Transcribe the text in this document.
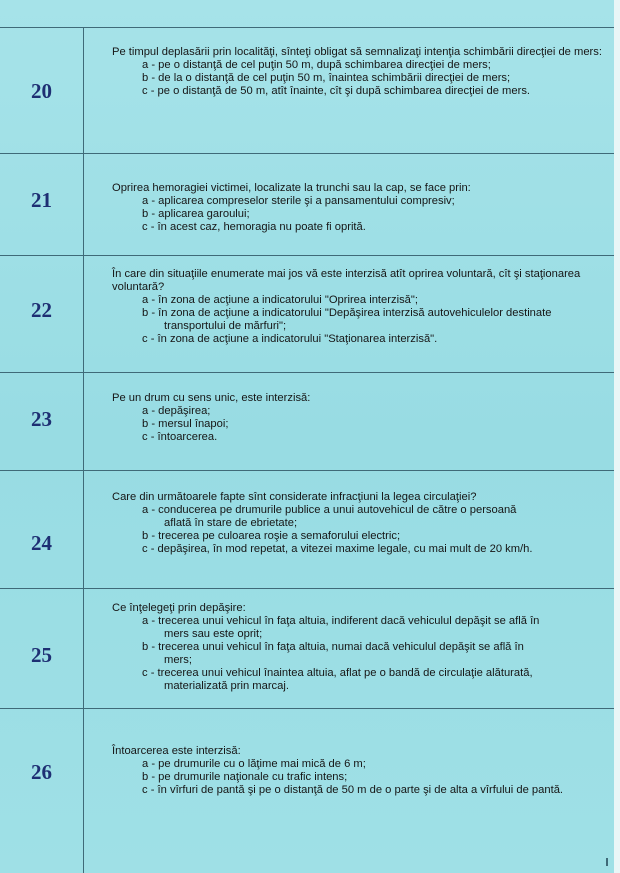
20
Pe timpul deplasării prin localităţi, sînteţi obligat să semnalizaţi intenţia schimbării direcţiei de mers:
a - pe o distanţă de cel puţin 50 m, după schimbarea direcţiei de mers;
b - de la o distanţă de cel puţin 50 m, înaintea schimbării direcţiei de mers;
c - pe o distanţă de 50 m, atît înainte, cît şi după schimbarea direcţiei de mers.
21	Oprirea hemoragiei victimei, localizate la trunchi sau la cap, se face prin:
a - aplicarea compreselor sterile şi a pansamentului compresiv;
b - aplicarea garoului;
c - în acest caz, hemoragia nu poate fi oprită.
22
În care din situaţiile enumerate mai jos vă este interzisă atît oprirea voluntară, cît şi staţionarea voluntară?
a - în zona de acţiune a indicatorului "Oprirea interzisă";
b - în zona de acţiune a indicatorului "Depăşirea interzisă autovehiculelor destinate
transportului de mărfuri";
c - în zona de acţiune a indicatorului "Staţionarea interzisă".
23
Pe un drum cu sens unic, este interzisă:
a - depăşirea;
b - mersul înapoi;
c - întoarcerea.
24
Care din următoarele fapte sînt considerate infracţiuni la legea circulaţiei?
a - conducerea pe drumurile publice a unui autovehicul de către o persoană
aflată în stare de ebrietate;
b - trecerea pe culoarea roşie a semaforului electric;
c - depăşirea, în mod repetat, a vitezei maxime legale, cu mai mult de 20 km/h.
25
Ce înţelegeţi prin depăşire:
a - trecerea unui vehicul în faţa altuia, indiferent dacă vehiculul depăşit se află în
mers sau este oprit;
b - trecerea unui vehicul în faţa altuia, numai dacă vehiculul depăşit se află în
mers;
c - trecerea unui vehicul înaintea altuia, aflat pe o bandă de circulaţie alăturată,
materializată prin marcaj.
26
Întoarcerea este interzisă:
a - pe drumurile cu o lăţime mai mică de 6 m;
b - pe drumurile naţionale cu trafic intens;
c - în vîrfuri de pantă şi pe o distanţă de 50 m de o parte şi de alta a vîrfului de pantă.
